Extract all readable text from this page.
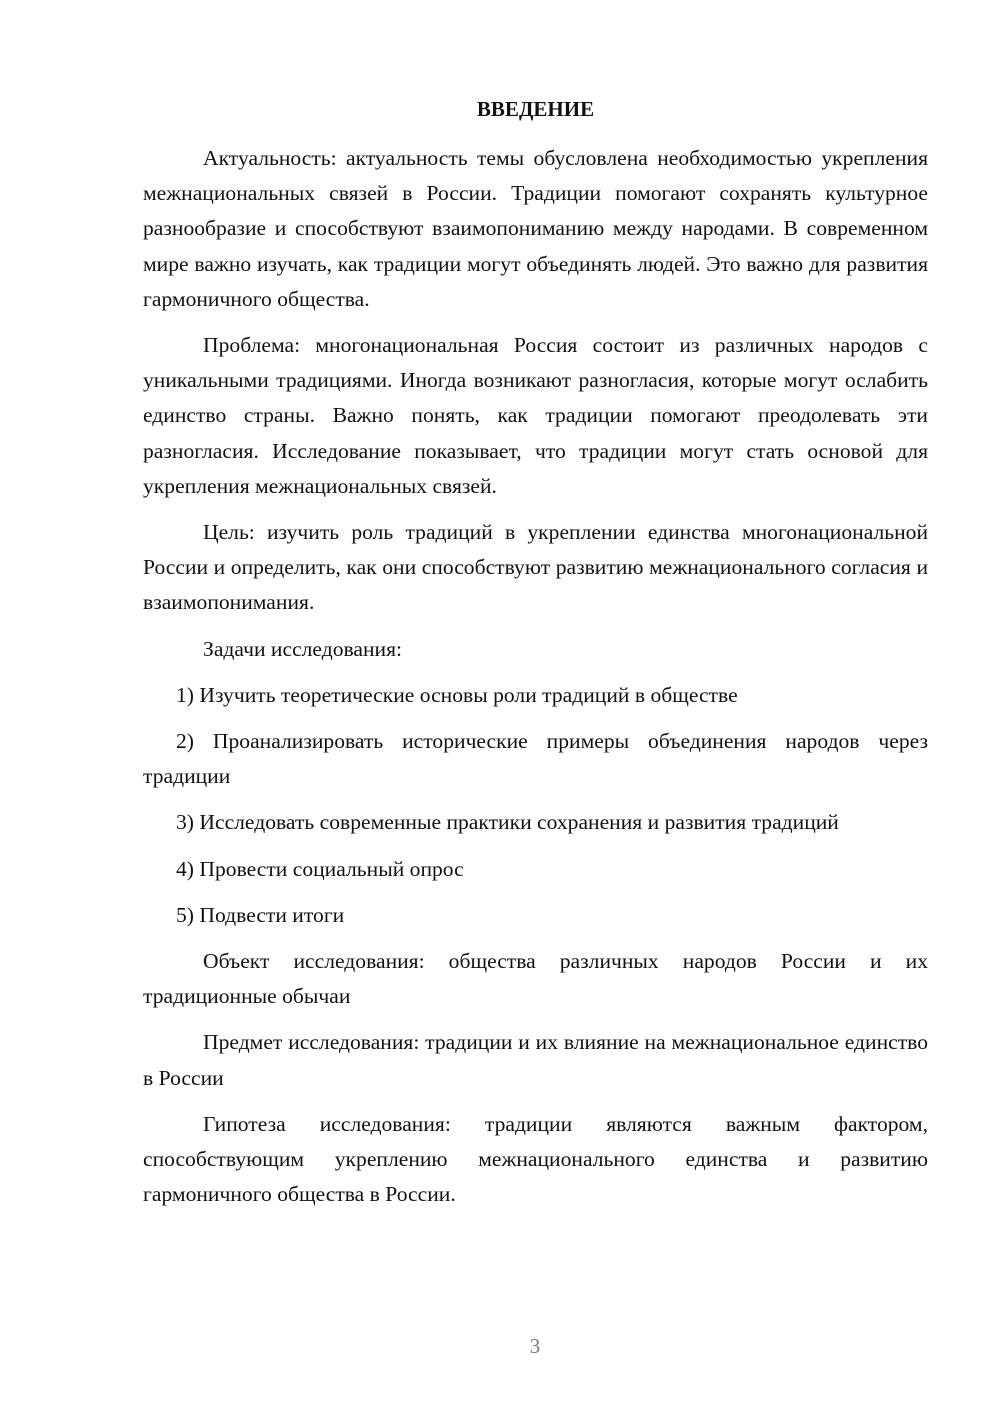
ВВЕДЕНИЕ

Актуальность: актуальность темы обусловлена необходимостью укрепления межнациональных связей в России. Традиции помогают сохранять культурное разнообразие и способствуют взаимопониманию между народами. В современном мире важно изучать, как традиции могут объединять людей. Это важно для развития гармоничного общества.

Проблема: многонациональная Россия состоит из различных народов с уникальными традициями. Иногда возникают разногласия, которые могут ослабить единство страны. Важно понять, как традиции помогают преодолевать эти разногласия. Исследование показывает, что традиции могут стать основой для укрепления межнациональных связей.

Цель: изучить роль традиций в укреплении единства многонациональной России и определить, как они способствуют развитию межнационального согласия и взаимопонимания.

Задачи исследования:

1) Изучить теоретические основы роли традиций в обществе

2) Проанализировать исторические примеры объединения народов через традиции

3) Исследовать современные практики сохранения и развития традиций

4) Провести социальный опрос

5) Подвести итоги

Объект исследования: общества различных народов России и их традиционные обычаи

Предмет исследования: традиции и их влияние на межнациональное единство в России

Гипотеза исследования: традиции являются важным фактором, способствующим укреплению межнационального единства и развитию гармоничного общества в России.

3
